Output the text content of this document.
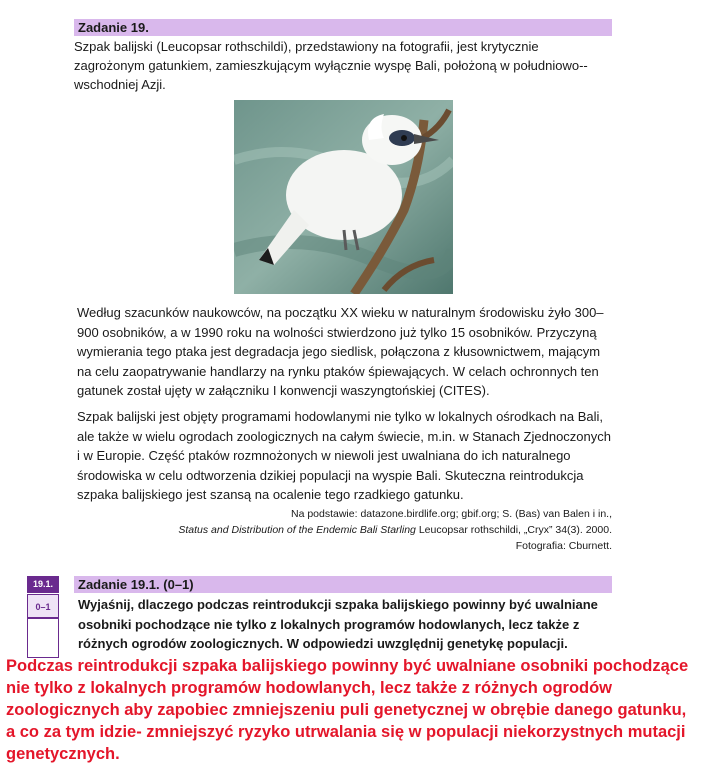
Zadanie 19.
Szpak balijski (Leucopsar rothschildi), przedstawiony na fotografii, jest krytycznie zagrożonym gatunkiem, zamieszkującym wyłącznie wyspę Bali, położoną w południowo--wschodniej Azji.
Według szacunków naukowców, na początku XX wieku w naturalnym środowisku żyło 300–900 osobników, a w 1990 roku na wolności stwierdzono już tylko 15 osobników. Przyczyną wymierania tego ptaka jest degradacja jego siedlisk, połączona z kłusownictwem, mającym na celu zaopatrywanie handlarzy na rynku ptaków śpiewających. W celach ochronnych ten gatunek został ujęty w załączniku I konwencji waszyngtońskiej (CITES).
Szpak balijski jest objęty programami hodowlanymi nie tylko w lokalnych ośrodkach na Bali, ale także w wielu ogrodach zoologicznych na całym świecie, m.in. w Stanach Zjednoczonych i w Europie. Część ptaków rozmnożonych w niewoli jest uwalniana do ich naturalnego środowiska w celu odtworzenia dzikiej populacji na wyspie Bali. Skuteczna reintrodukcja szpaka balijskiego jest szansą na ocalenie tego rzadkiego gatunku.
Na podstawie: datazone.birdlife.org; gbif.org; S. (Bas) van Balen i in.,
Status and Distribution of the Endemic Bali Starling Leucopsar rothschildi, „Cryx” 34(3). 2000.
Fotografia: Cburnett.
19.1.
0–1
Zadanie 19.1. (0–1)
Wyjaśnij, dlaczego podczas reintrodukcji szpaka balijskiego powinny być uwalniane osobniki pochodzące nie tylko z lokalnych programów hodowlanych, lecz także z różnych ogrodów zoologicznych. W odpowiedzi uwzględnij genetykę populacji.
Podczas reintrodukcji szpaka balijskiego powinny być uwalniane osobniki pochodzące nie tylko z lokalnych programów hodowlanych, lecz także z różnych ogrodów zoologicznych aby zapobiec zmniejszeniu puli genetycznej w obrębie danego gatunku, a co za tym idzie- zmniejszyć ryzyko utrwalania się w populacji niekorzystnych mutacji genetycznych.
